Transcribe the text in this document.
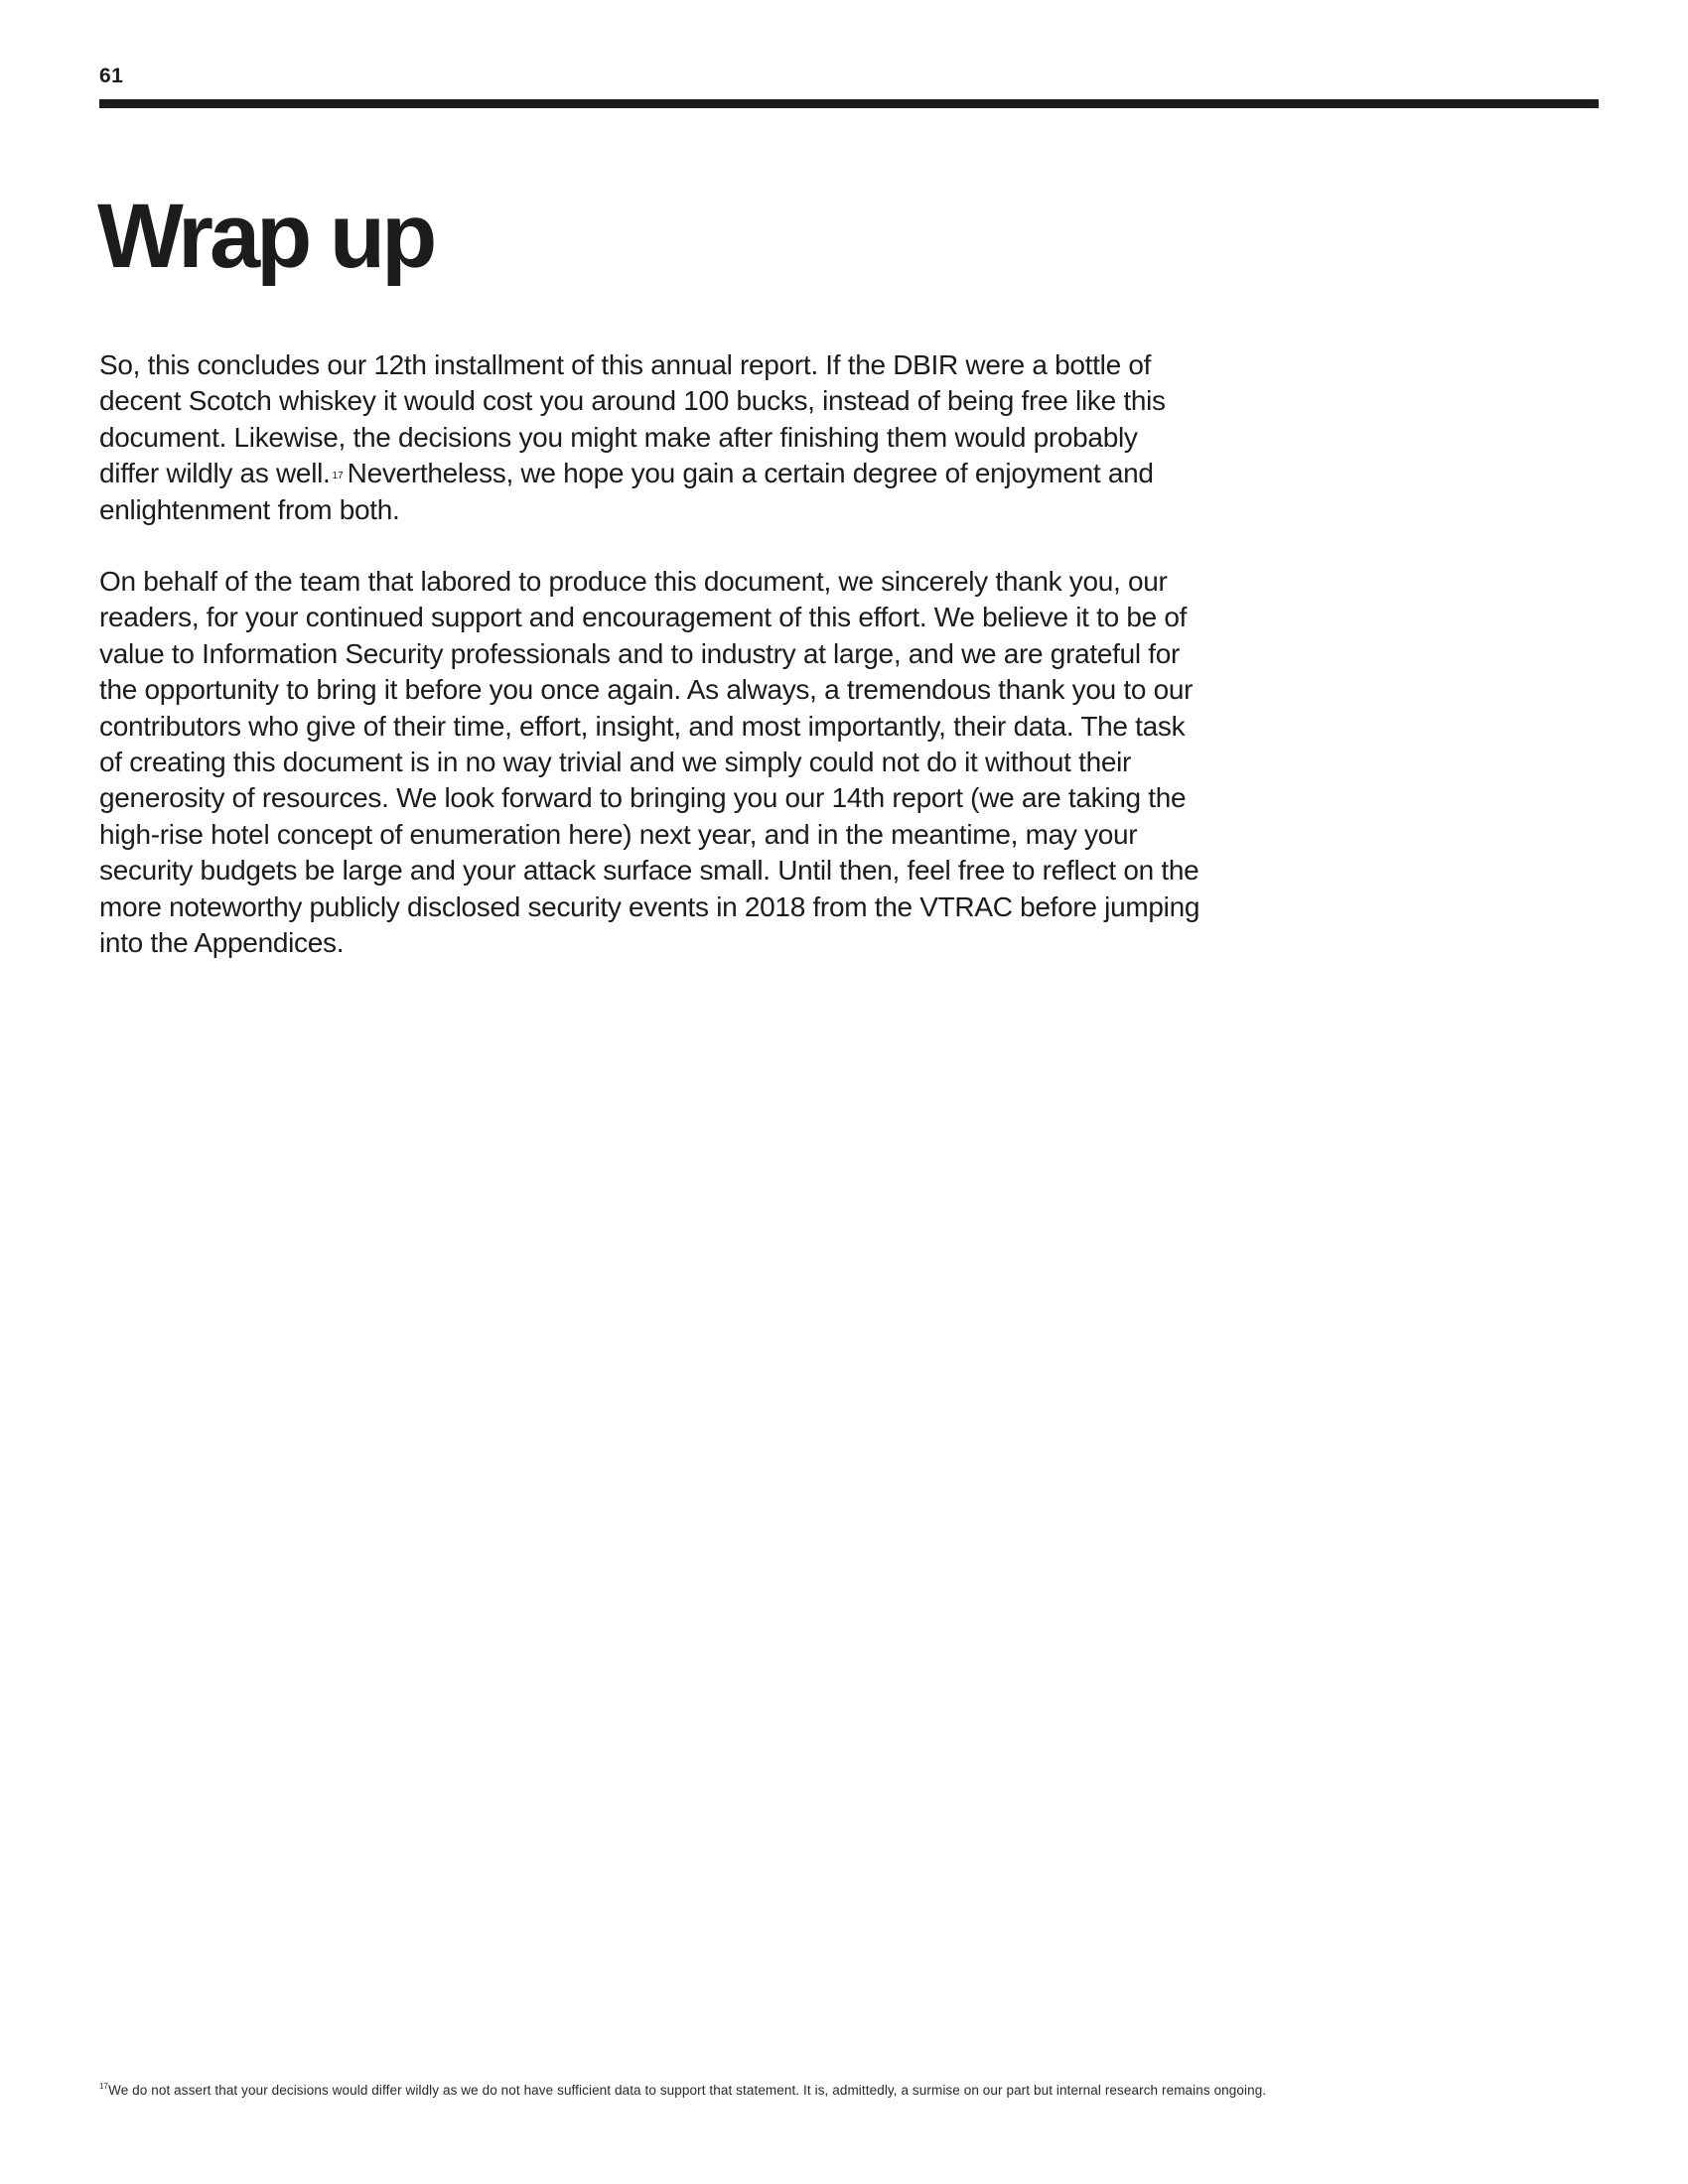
61
Wrap up

So, this concludes our 12th installment of this annual report. If the DBIR were a bottle of decent Scotch whiskey it would cost you around 100 bucks, instead of being free like this document. Likewise, the decisions you might make after finishing them would probably differ wildly as well. $^{17}$ Nevertheless, we hope you gain a certain degree of enjoyment and enlightenment from both.

On behalf of the team that labored to produce this document, we sincerely thank you, our readers, for your continued support and encouragement of this effort. We believe it to be of value to Information Security professionals and to industry at large, and we are grateful for the opportunity to bring it before you once again. As always, a tremendous thank you to our contributors who give of their time, effort, insight, and most importantly, their data. The task of creating this document is in no way trivial and we simply could not do it without their generosity of resources. We look forward to bringing you our 14th report (we are taking the high-rise hotel concept of enumeration here) next year, and in the meantime, may your security budgets be large and your attack surface small. Until then, feel free to reflect on the more noteworthy publicly disclosed security events in 2018 from the VTRAC before jumping into the Appendices.

$^{17}$We do not assert that your decisions would differ wildly as we do not have sufficient data to support that statement. It is, admittedly, a surmise on our part but internal research remains ongoing.
